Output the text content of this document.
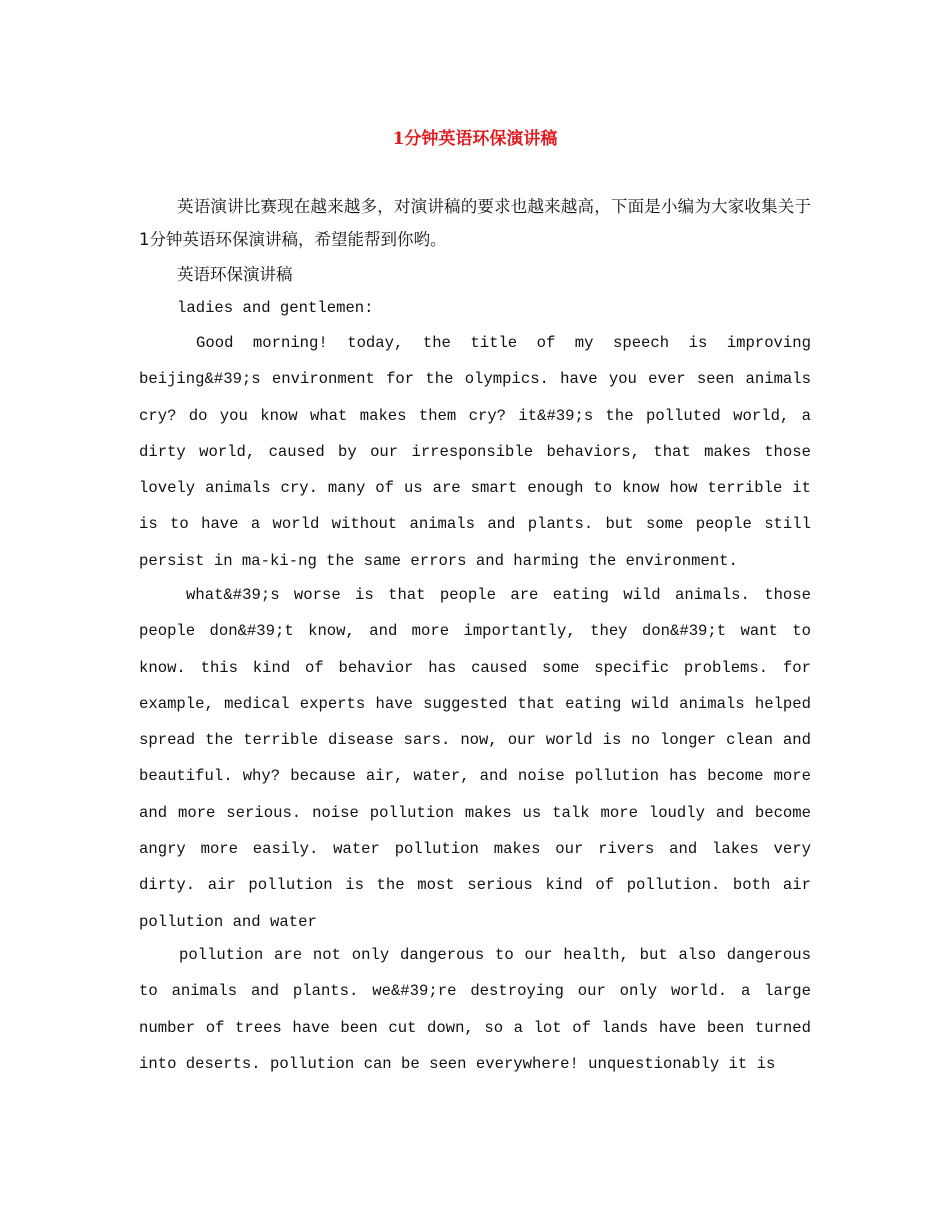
1分钟英语环保演讲稿

英语演讲比赛现在越来越多，对演讲稿的要求也越来越高，下面是小编为大家收集关于1分钟英语环保演讲稿，希望能帮到你哟。

英语环保演讲稿

ladies and gentlemen:

Good morning! today, the title of my speech is improving beijing&#39;s environment for the olympics. have you ever seen animals cry? do you know what makes them cry? it&#39;s the polluted world, a dirty world, caused by our irresponsible behaviors, that makes those lovely animals cry. many of us are smart enough to know how terrible it is to have a world without animals and plants. but some people still persist in ma-ki-ng the same errors and harming the environment.

what&#39;s worse is that people are eating wild animals. those people don&#39;t know, and more importantly, they don&#39;t want to know. this kind of behavior has caused some specific problems. for example, medical experts have suggested that eating wild animals helped spread the terrible disease sars. now, our world is no longer clean and beautiful. why? because air, water, and noise pollution has become more and more serious. noise pollution makes us talk more loudly and become angry more easily. water pollution makes our rivers and lakes very dirty. air pollution is the most serious kind of pollution. both air pollution and water

pollution are not only dangerous to our health, but also dangerous to animals and plants. we&#39;re destroying our only world. a large number of trees have been cut down, so a lot of lands have been turned into deserts. pollution can be seen everywhere! unquestionably it is
